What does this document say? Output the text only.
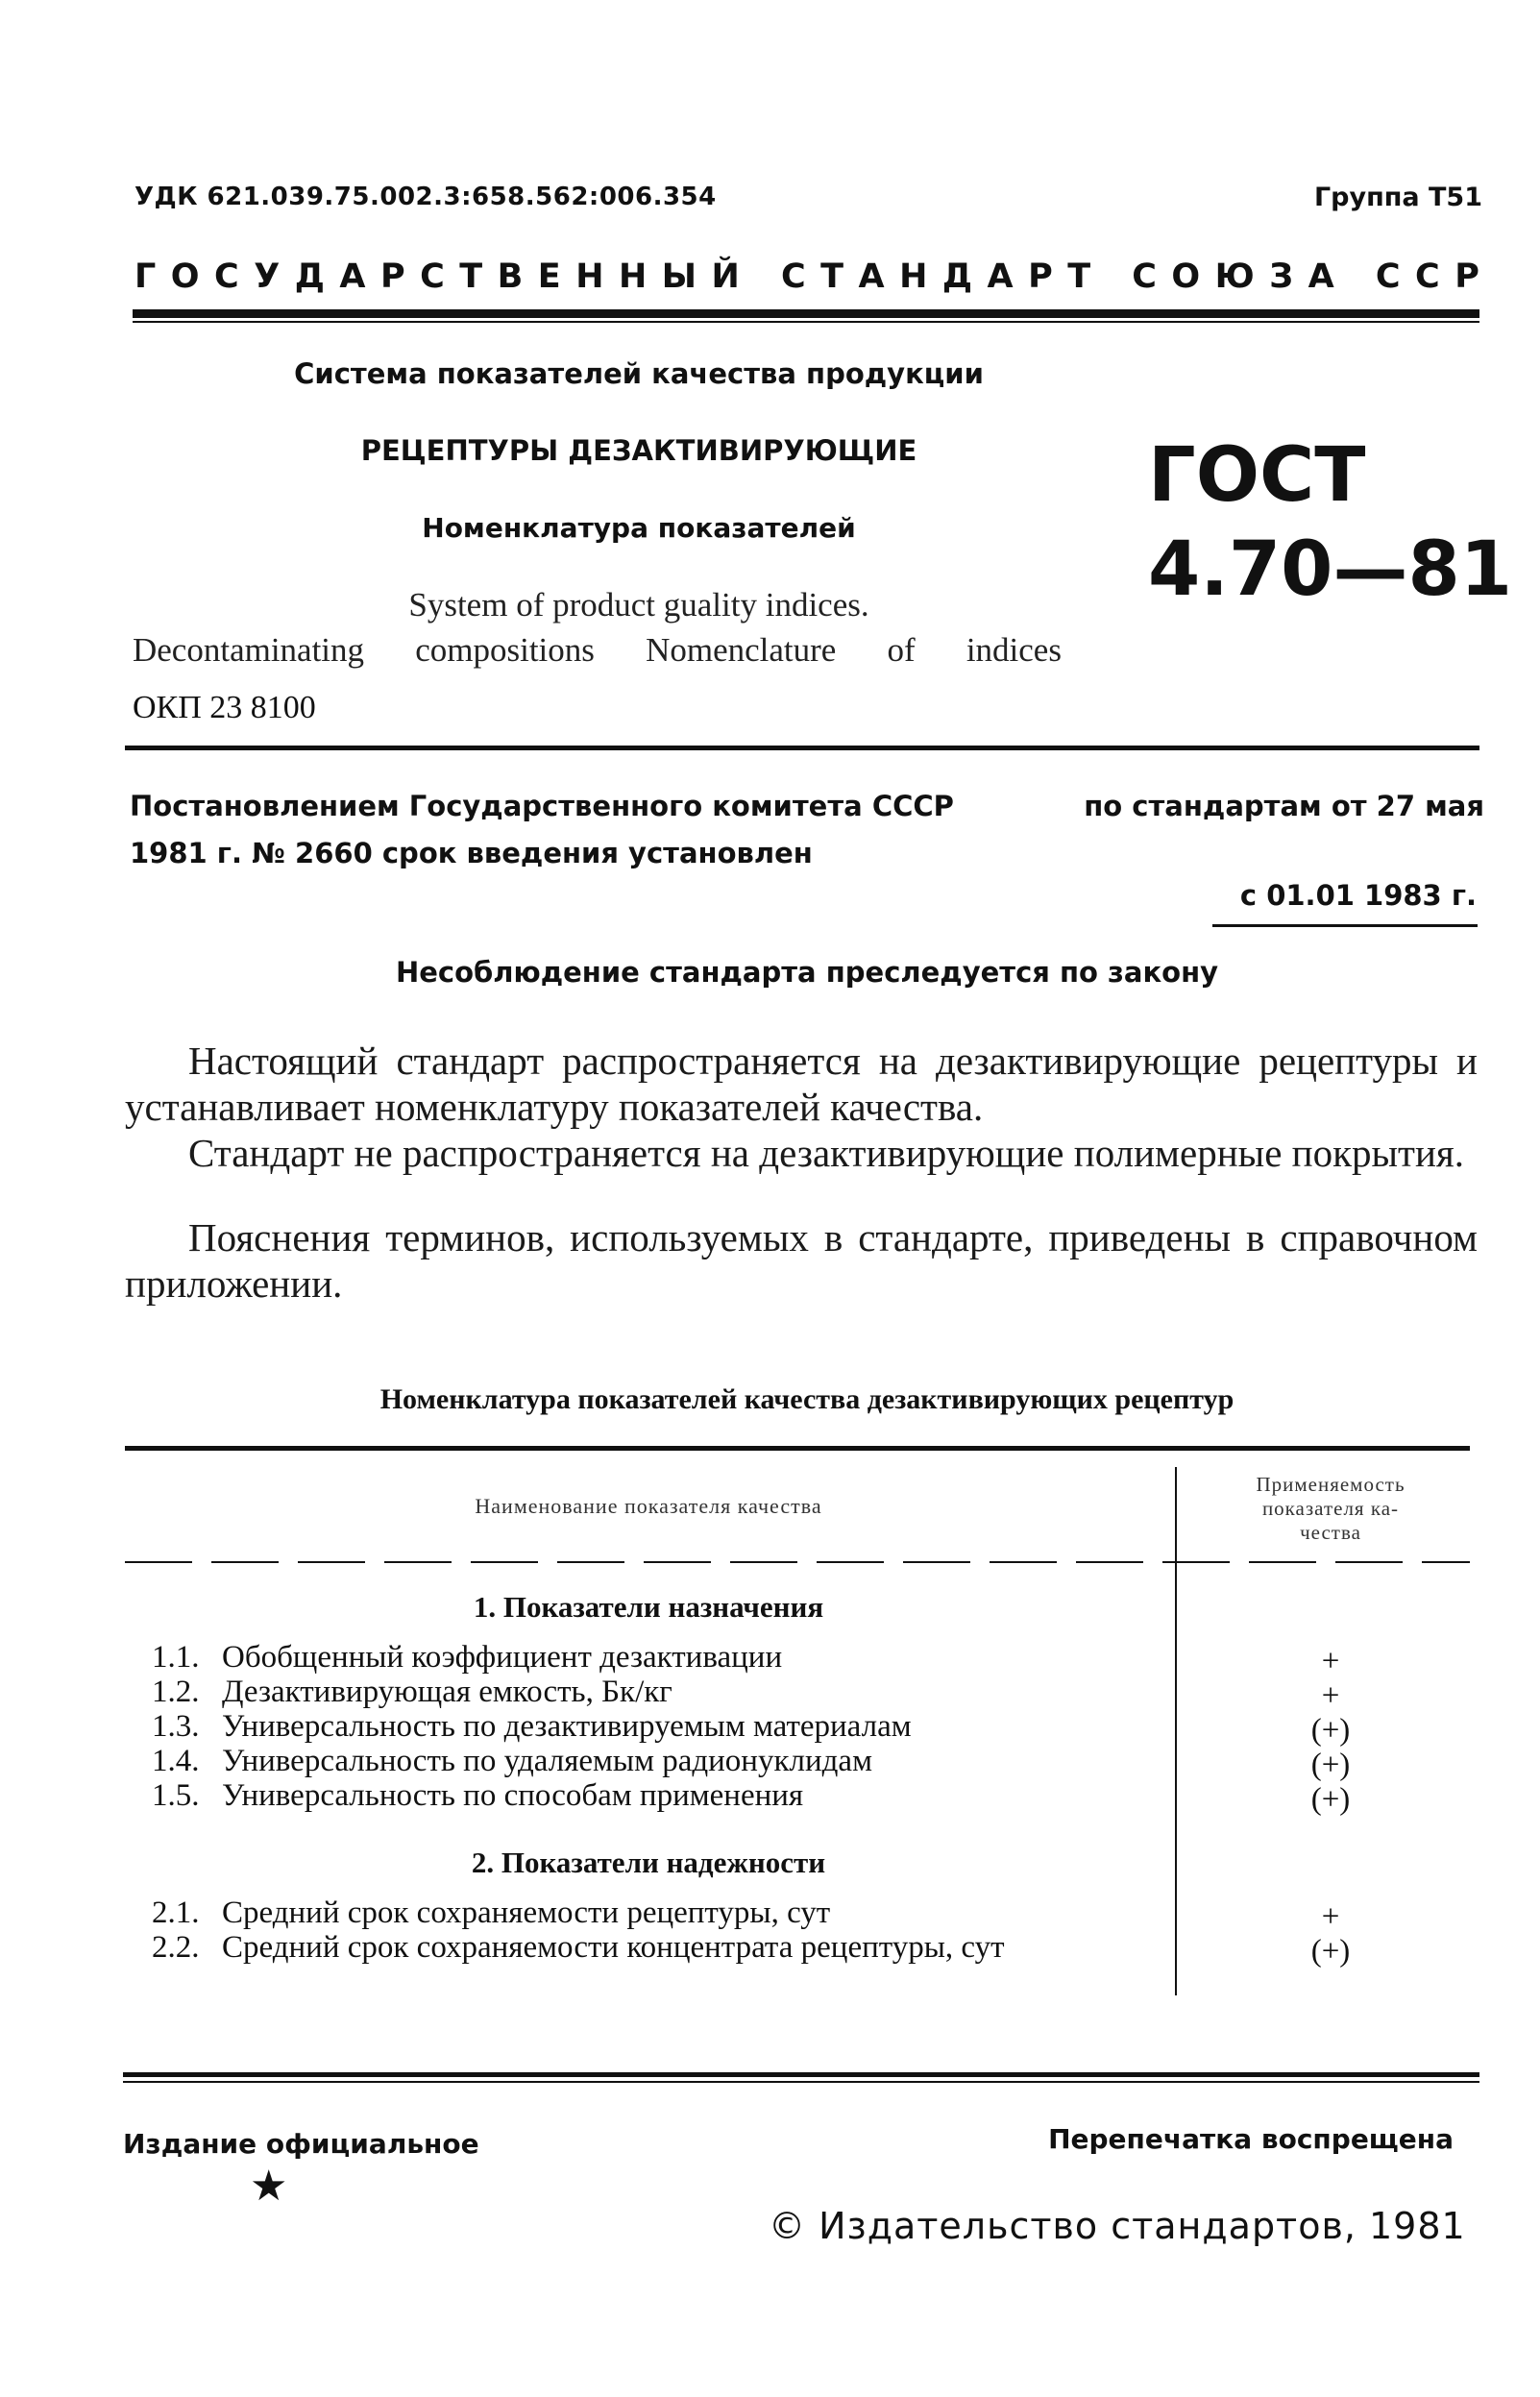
УДК 621.039.75.002.3:658.562:006.354	Группа Т51
Г О С У Д А Р С Т В Е Н Н Ы Й
С Т А Н Д А Р Т
С О Ю З А
С С Р
Система показателей качества продукции
РЕЦЕПТУРЫ ДЕЗАКТИВИРУЮЩИЕ
Номенклатура показателей
System of product guality indices.
Decontaminating compositions Nomenclature of indices
ОКП 23 8100
ГОСТ
4.70—81
Постановлением Государственного комитета СССР	по стандартам от 27 мая
1981 г. № 2660 срок введения установлен
с 01.01 1983 г.
Несоблюдение стандарта преследуется по закону
Настоящий стандарт распространяется на дезактивирующие рецептуры и устанавливает номенклатуру показателей качества.
Стандарт не распространяется на дезактивирующие полимерные покрытия.
Пояснения терминов, используемых в стандарте, приведены в справочном приложении.
Номенклатура показателей качества дезактивирующих рецептур
Наименование показателя качества
Применяемость
показателя ка-
чества
1. Показатели назначения
1.1. Обобщенный коэффициент дезактивации	+
1.2. Дезактивирующая емкость, Бк/кг	+
1.3. Универсальность по дезактивируемым материалам	(+)
1.4. Универсальность по удаляемым радионуклидам	(+)
1.5. Универсальность по способам применения	(+)
2. Показатели надежности
2.1. Средний срок сохраняемости рецептуры, сут	+
2.2. Средний срок сохраняемости концентрата рецептуры, сут	(+)
Издание официальное	Перепечатка воспрещена
★
© Издательство стандартов, 1981
